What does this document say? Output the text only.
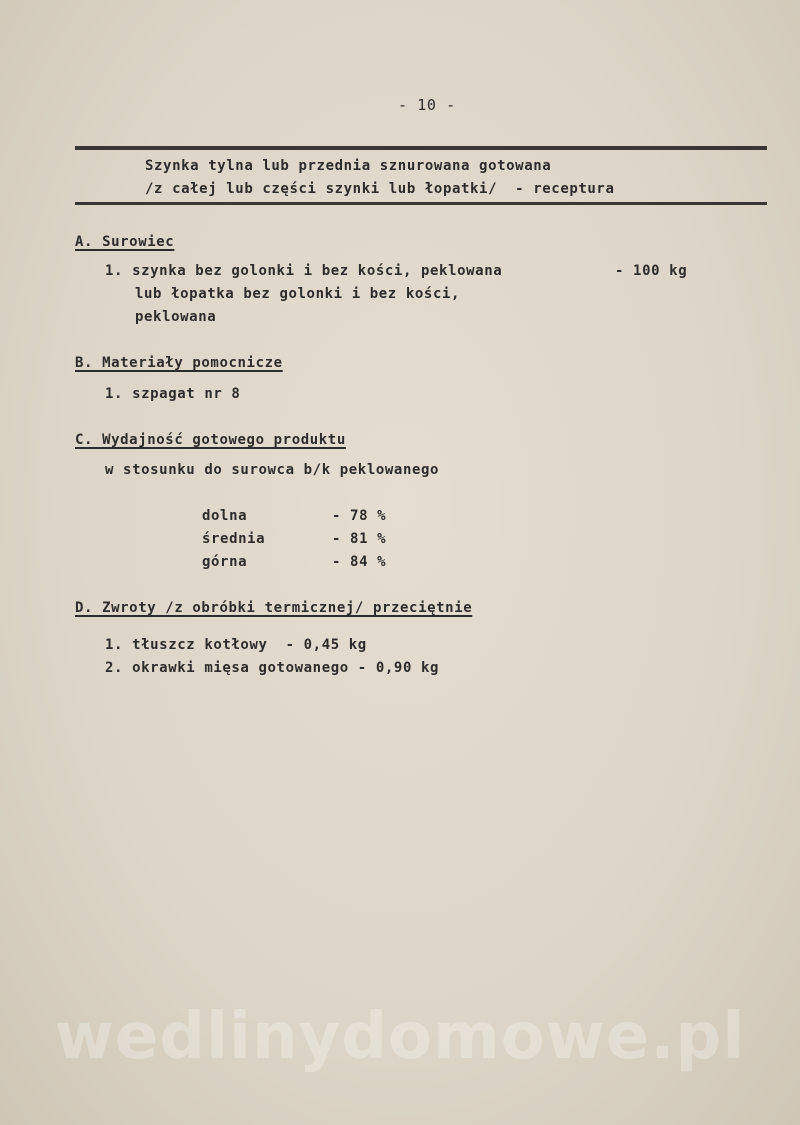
- 10 -
Szynka tylna lub przednia sznurowana gotowana
/z całej lub części szynki lub łopatki/  - receptura
A. Surowiec
1. szynka bez golonki i bez kości, peklowana	- 100 kg
lub łopatka bez golonki i bez kości,
peklowana
B. Materiały pomocnicze
1. szpagat nr 8
C. Wydajność gotowego produktu
w stosunku do surowca b/k peklowanego
dolna	- 78 %
średnia	- 81 %
górna	- 84 %
D. Zwroty /z obróbki termicznej/ przeciętnie
1. tłuszcz kotłowy  - 0,45 kg
2. okrawki mięsa gotowanego - 0,90 kg
wedlinydomowe.pl
